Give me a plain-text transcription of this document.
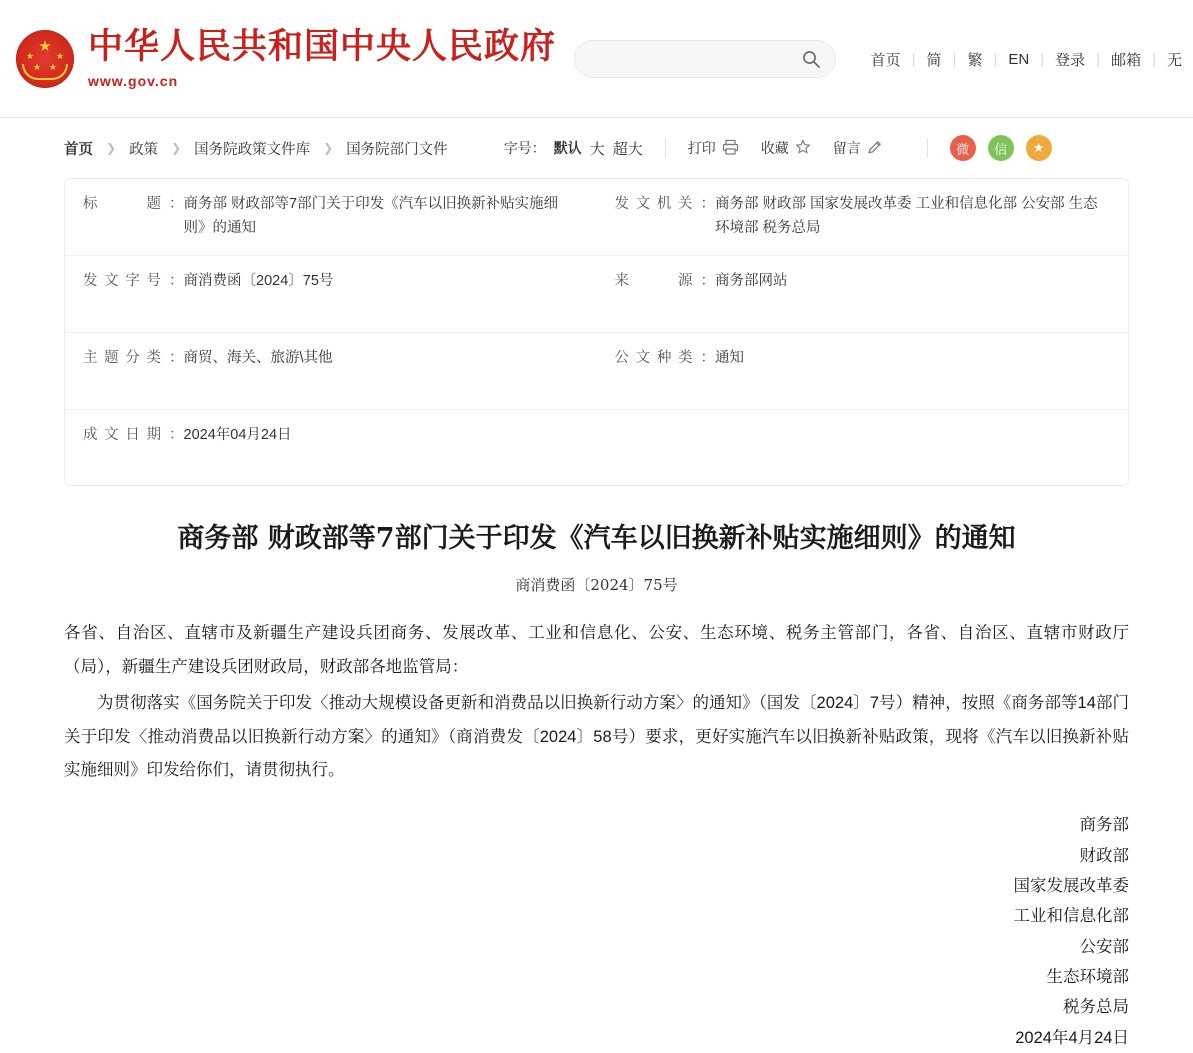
★
★
★ ★
★ 中华人民共和国中央人民政府
www.gov.cn
首页 | 简 | 繁 | EN | 登录 | 邮箱 | 无
首页 ❯ 政策 ❯ 国务院政策文件库 ❯ 国务院部门文件	字号： 默认 大 超大	打印	收藏	留言	微	信	★
标题 ： 商务部 财政部等7部门关于印发《汽车以旧换新补贴实施细则》的通知
发文机关 ： 商务部 财政部 国家发展改革委 工业和信息化部 公安部 生态环境部 税务总局
发文字号 ： 商消费函〔2024〕75号	来源 ： 商务部网站
主题分类 ： 商贸、海关、旅游\其他	公文种类 ： 通知
成文日期 ： 2024年04月24日
商务部 财政部等7部门关于印发《汽车以旧换新补贴实施细则》的通知
商消费函〔2024〕75号

各省、自治区、直辖市及新疆生产建设兵团商务、发展改革、工业和信息化、公安、生态环境、税务主管部门，各省、自治区、直辖市财政厅（局），新疆生产建设兵团财政局，财政部各地监管局：

为贯彻落实《国务院关于印发〈推动大规模设备更新和消费品以旧换新行动方案〉的通知》（国发〔2024〕7号）精神，按照《商务部等14部门关于印发〈推动消费品以旧换新行动方案〉的通知》（商消费发〔2024〕58号）要求，更好实施汽车以旧换新补贴政策，现将《汽车以旧换新补贴实施细则》印发给你们，请贯彻执行。

商务部
财政部
国家发展改革委
工业和信息化部
公安部
生态环境部
税务总局
2024年4月24日
